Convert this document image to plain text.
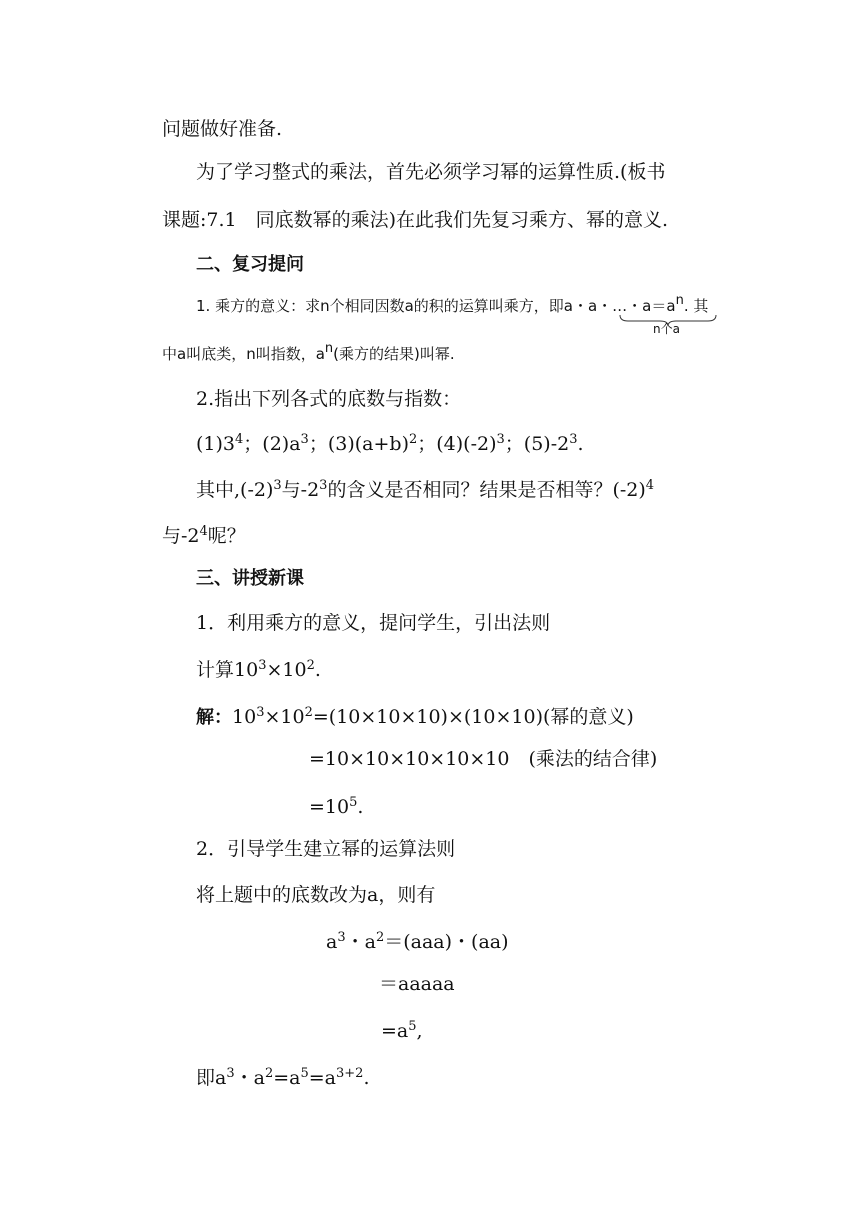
问题做好准备.
为了学习整式的乘法，首先必须学习幂的运算性质.(板书
课题:7.1　同底数幂的乘法)在此我们先复习乘方、幂的意义.
二、复习提问
1. 乘方的意义：求n个相同因数a的积的运算叫乘方，即a・a・…・$a=a^n$. 其
n个a
中a叫底类，n叫指数，$a^n$(乘方的结果)叫幂.
2.指出下列各式的底数与指数：
$(1)3^4$；$(2)a^3$；$(3)(a+b)^2$；$(4)(-2)^3$；$(5)-2^3$.
其中$,(-2)^3$与$-2^3$的含义是否相同？结果是否相等？$(-2)^4$
与$-2^4$呢？
三、讲授新课
1．利用乘方的意义，提问学生，引出法则
计算$10^3\times 10^2$.
解：$10^3\times 10^2=(10\times 10\times 10)\times(10\times 10)$(幂的意义)
=10×10×10×10×10　(乘法的结合律)
$=10^5$.
2．引导学生建立幂的运算法则
将上题中的底数改为a，则有
$a^3$・$a^2=(aaa)$・(aa)
＝aaaaa
$=a^5$,
即$a^3$・$a^2=a^5=a^{3+2}$.
